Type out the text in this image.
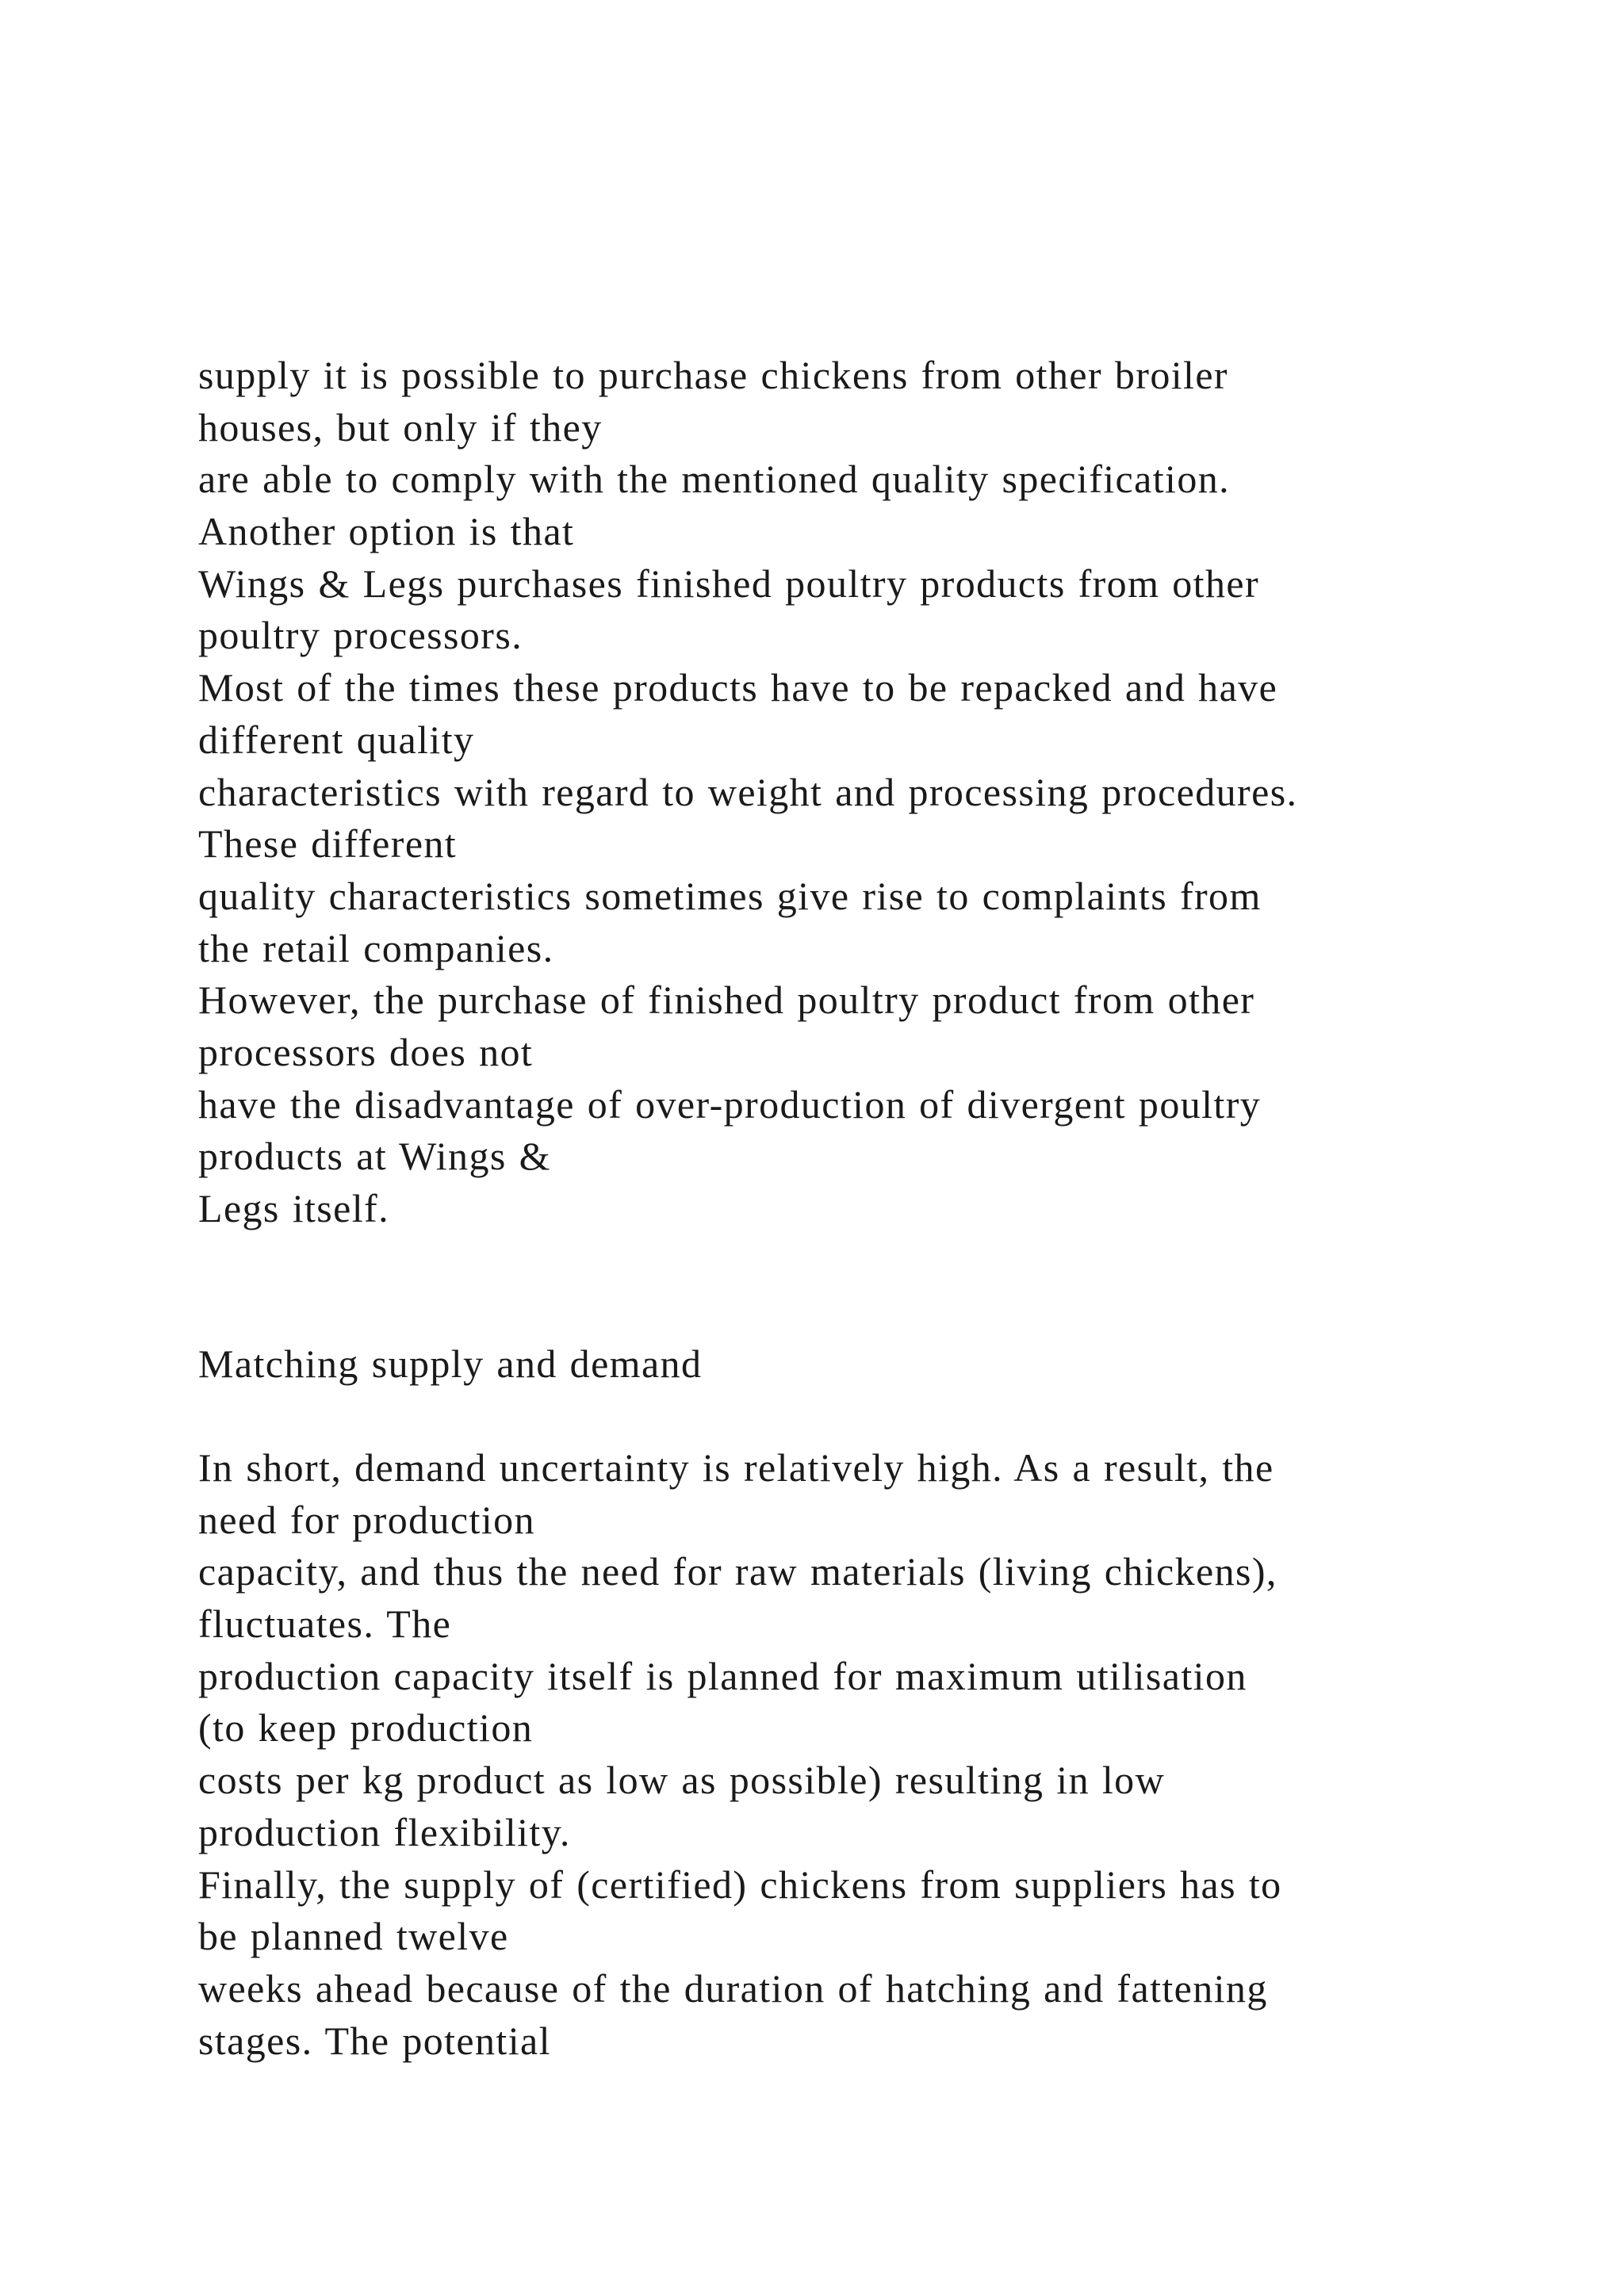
supply it is possible to purchase chickens from other broiler
houses, but only if they
are able to comply with the mentioned quality specification.
Another option is that
Wings & Legs purchases finished poultry products from other
poultry processors.
Most of the times these products have to be repacked and have
different quality
characteristics with regard to weight and processing procedures.
These different
quality characteristics sometimes give rise to complaints from
the retail companies.
However, the purchase of finished poultry product from other
processors does not
have the disadvantage of over-production of divergent poultry
products at Wings &
Legs itself.
Matching supply and demand
In short, demand uncertainty is relatively high. As a result, the
need for production
capacity, and thus the need for raw materials (living chickens),
fluctuates. The
production capacity itself is planned for maximum utilisation
(to keep production
costs per kg product as low as possible) resulting in low
production flexibility.
Finally, the supply of (certified) chickens from suppliers has to
be planned twelve
weeks ahead because of the duration of hatching and fattening
stages. The potential
